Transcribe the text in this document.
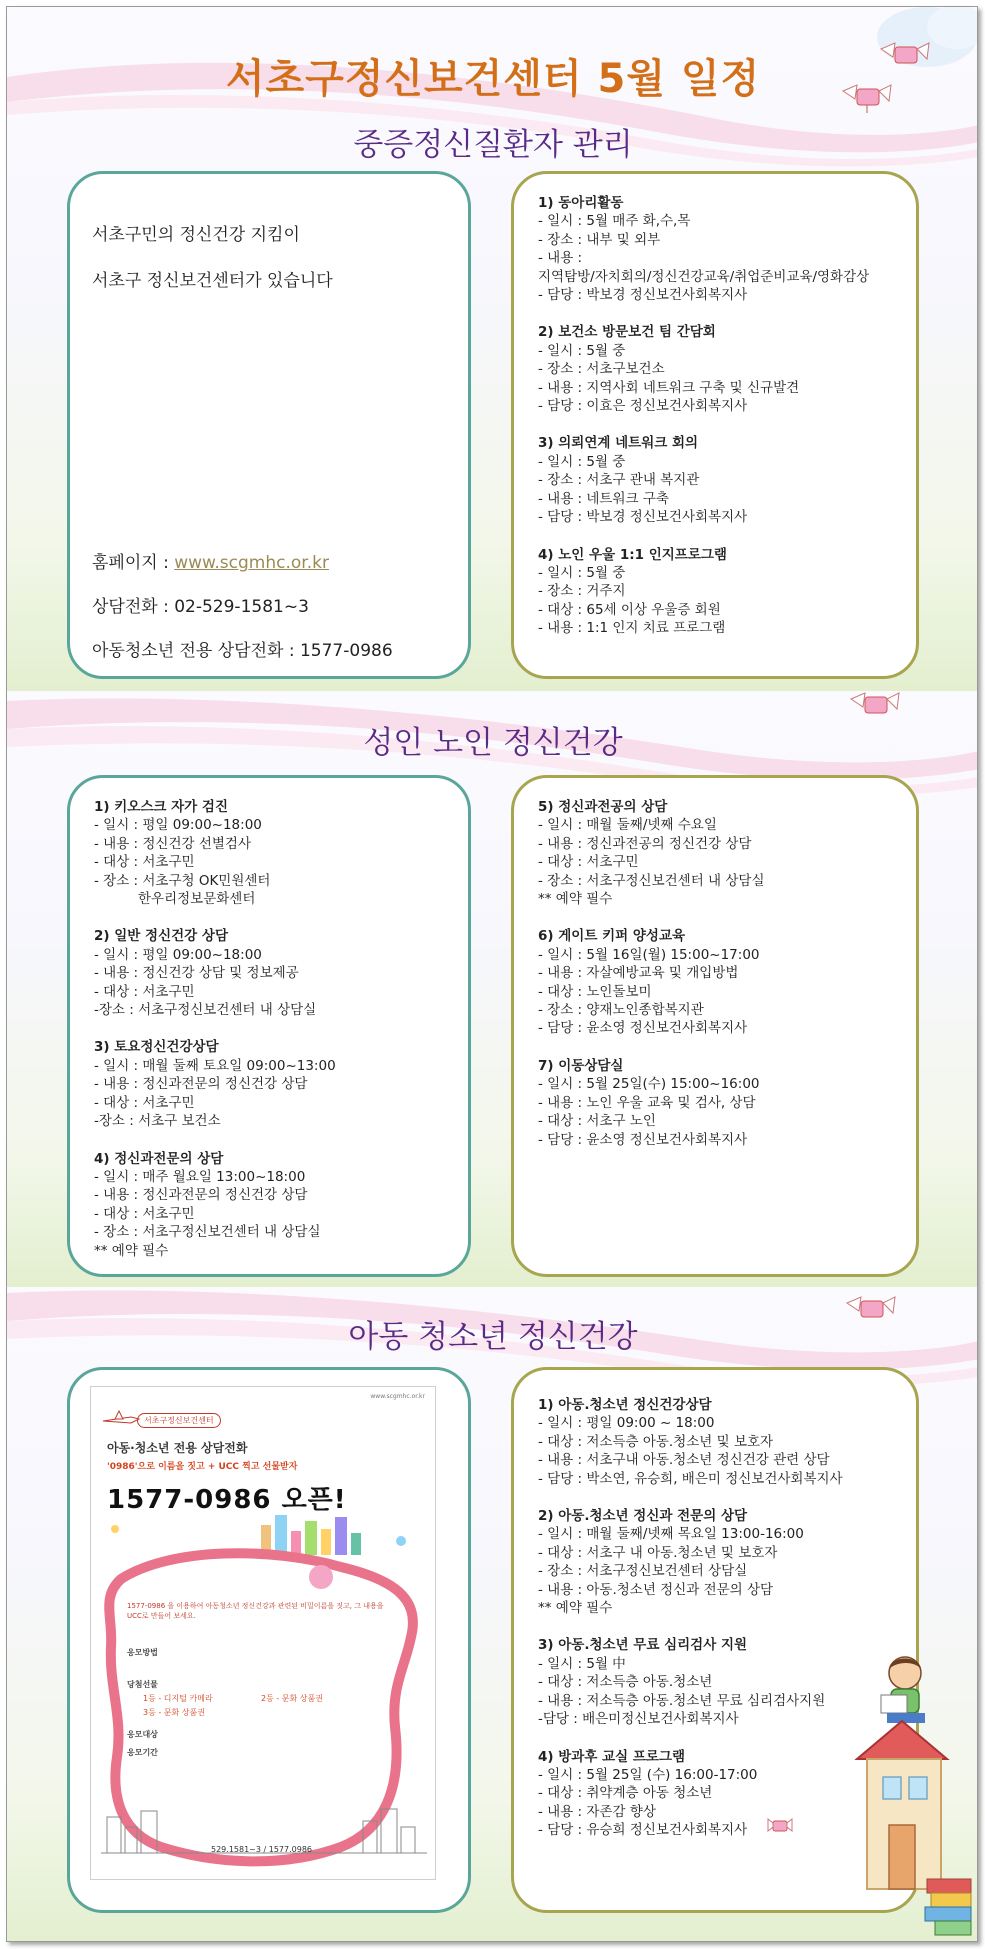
서초구정신보건센터 5월 일정
중증정신질환자 관리
서초구민의 정신건강 지킴이
서초구 정신보건센터가 있습니다
홈페이지 : www.scgmhc.or.kr
상담전화 : 02-529-1581~3
아동청소년 전용 상담전화 : 1577-0986
1) 동아리활동
- 일시 : 5월 매주 화,수,목
- 장소 : 내부 및 외부
- 내용 :
지역탐방/자치회의/정신건강교육/취업준비교육/영화감상
- 담당 : 박보경 정신보건사회복지사
2) 보건소 방문보건 팀 간담회
- 일시 : 5월 중
- 장소 : 서초구보건소
- 내용 : 지역사회 네트워크 구축 및 신규발견
- 담당 : 이효은 정신보건사회복지사
3) 의뢰연계 네트워크 회의
- 일시 : 5월 중
- 장소 : 서초구 관내 복지관
- 내용 : 네트워크 구축
- 담당 : 박보경 정신보건사회복지사
4) 노인 우울 1:1 인지프로그램
- 일시 : 5월 중
- 장소 : 거주지
- 대상 : 65세 이상 우울증 회원
- 내용 : 1:1 인지 치료 프로그램
성인 노인 정신건강
1) 키오스크 자가 검진
- 일시 : 평일 09:00~18:00
- 내용 : 정신건강 선별검사
- 대상 : 서초구민
- 장소 : 서초구청 OK민원센터
한우리정보문화센터
2) 일반 정신건강 상담
- 일시 : 평일 09:00~18:00
- 내용 : 정신건강 상담 및 정보제공
- 대상 : 서초구민
-장소 : 서초구정신보건센터 내 상담실
3) 토요정신건강상담
- 일시 : 매월 둘째 토요일 09:00~13:00
- 내용 : 정신과전문의 정신건강 상담
- 대상 : 서초구민
-장소 : 서초구 보건소
4) 정신과전문의 상담
- 일시 : 매주 월요일 13:00~18:00
- 내용 : 정신과전문의 정신건강 상담
- 대상 : 서초구민
- 장소 : 서초구정신보건센터 내 상담실
** 예약 필수
5) 정신과전공의 상담
- 일시 : 매월 둘째/넷째 수요일
- 내용 : 정신과전공의 정신건강 상담
- 대상 : 서초구민
- 장소 : 서초구정신보건센터 내 상담실
** 예약 필수
6) 게이트 키퍼 양성교육
- 일시 : 5월 16일(월) 15:00~17:00
- 내용 : 자살예방교육 및 개입방법
- 대상 : 노인돌보미
- 장소 : 양재노인종합복지관
- 담당 : 윤소영 정신보건사회복지사
7) 이동상담실
- 일시 : 5월 25일(수) 15:00~16:00
- 내용 : 노인 우울 교육 및 검사, 상담
- 대상 : 서초구 노인
- 담당 : 윤소영 정신보건사회복지사
아동 청소년 정신건강
www.scgmhc.or.kr
서초구정신보건센터
아동·청소년 전용 상담전화
'0986'으로 이름을 짓고 + UCC 찍고 선물받자
1577-0986 오픈!
1577-0986 을 이용하여 아동청소년 정신건강과 관련된 비밀이름을 짓고, 그 내용을 UCC로 만들어 보세요.
응모방법
당첨선물
1등 - 디지털 카메라	2등 - 문화 상품권
3등 - 문화 상품권
응모대상
응모기간
529.1581~3 / 1577.0986
1) 아동.청소년 정신건강상담
- 일시 : 평일 09:00 ~ 18:00
- 대상 : 저소득층 아동.청소년 및 보호자
- 내용 : 서초구내 아동.청소년 정신건강 관련 상담
- 담당 : 박소연, 유승희, 배은미 정신보건사회복지사
2) 아동.청소년 정신과 전문의 상담
- 일시 : 매월 둘째/넷째 목요일 13:00-16:00
- 대상 : 서초구 내 아동.청소년 및 보호자
- 장소 : 서초구정신보건센터 상담실
- 내용 : 아동.청소년 정신과 전문의 상담
** 예약 필수
3) 아동.청소년 무료 심리검사 지원
- 일시 : 5월 中
- 대상 : 저소득층 아동.청소년
- 내용 : 저소득층 아동.청소년 무료 심리검사지원
-담당 : 배은미정신보건사회복지사
4) 방과후 교실 프로그램
- 일시 : 5월 25일 (수) 16:00-17:00
- 대상 : 취약계층 아동 청소년
- 내용 : 자존감 향상
- 담당 : 유승희 정신보건사회복지사
